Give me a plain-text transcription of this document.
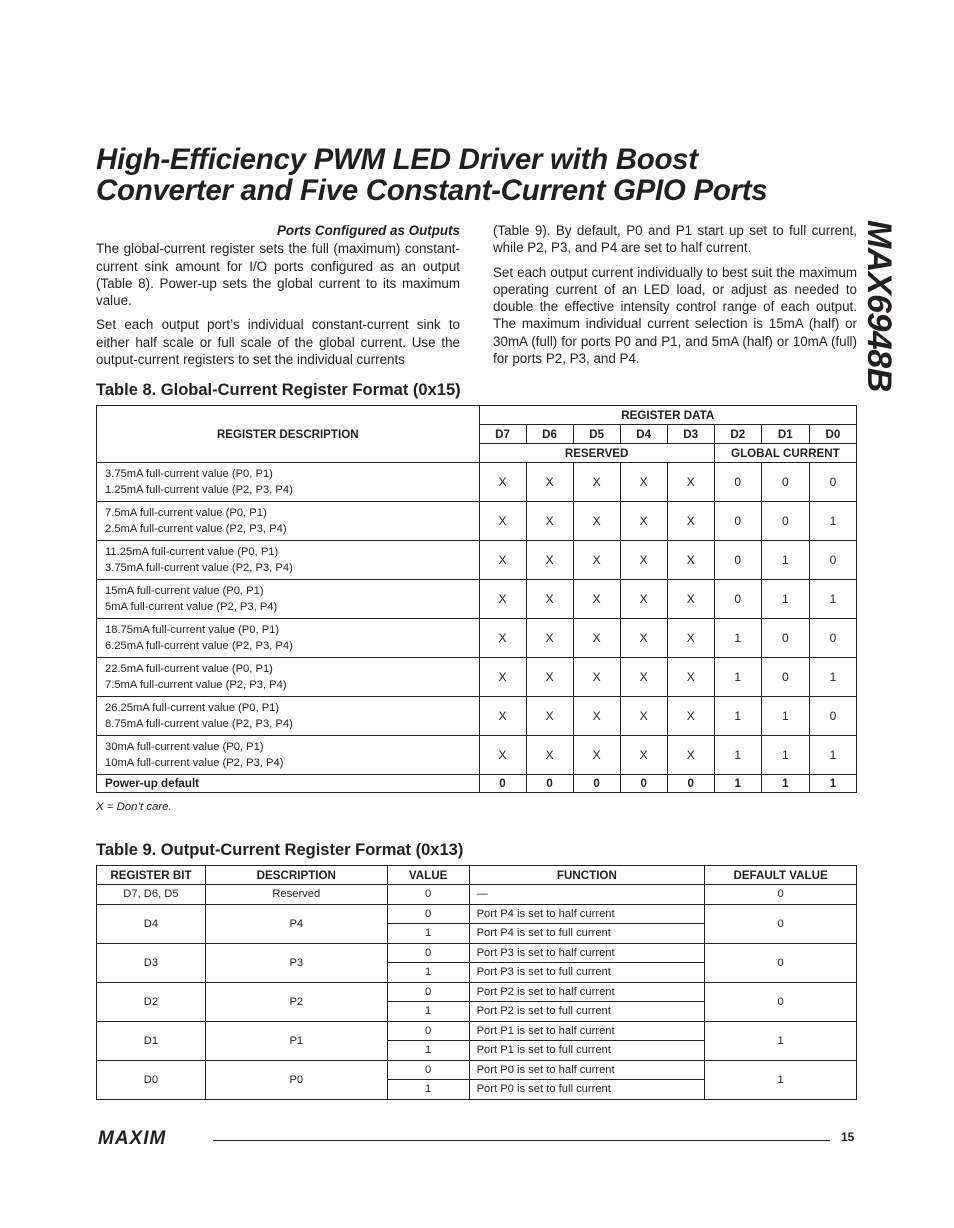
High-Efficiency PWM LED Driver with Boost
Converter and Five Constant-Current GPIO Ports
MAX6948B
Ports Configured as Outputs

The global-current register sets the full (maximum) constant-current sink amount for I/O ports configured as an output (Table 8). Power-up sets the global current to its maximum value.

Set each output port’s individual constant-current sink to either half scale or full scale of the global current. Use the output-current registers to set the individual currents

(Table 9). By default, P0 and P1 start up set to full current, while P2, P3, and P4 are set to half current.

Set each output current individually to best suit the maximum operating current of an LED load, or adjust as needed to double the effective intensity control range of each output. The maximum individual current selection is 15mA (half) or 30mA (full) for ports P0 and P1, and 5mA (half) or 10mA (full) for ports P2, P3, and P4.

Table 8. Global-Current Register Format (0x15)
REGISTER DESCRIPTION	REGISTER DATA							
	D7	D6	D5	D4	D3	D2	D1	D0
	RESERVED					GLOBAL CURRENT		

3.75mA full-current value (P0, P1)
1.25mA full-current value (P2, P3, P4)	X	X	X	X	X	0	0	0

7.5mA full-current value (P0, P1)
2.5mA full-current value (P2, P3, P4)	X	X	X	X	X	0	0	1

11.25mA full-current value (P0, P1)
3.75mA full-current value (P2, P3, P4)	X	X	X	X	X	0	1	0

15mA full-current value (P0, P1)
5mA full-current value (P2, P3, P4)	X	X	X	X	X	0	1	1

18.75mA full-current value (P0, P1)
6.25mA full-current value (P2, P3, P4)	X	X	X	X	X	1	0	0

22.5mA full-current value (P0, P1)
7.5mA full-current value (P2, P3, P4)	X	X	X	X	X	1	0	1

26.25mA full-current value (P0, P1)
8.75mA full-current value (P2, P3, P4)	X	X	X	X	X	1	1	0

30mA full-current value (P0, P1)
10mA full-current value (P2, P3, P4)	X	X	X	X	X	1	1	1
Power-up default	0	0	0	0	0	1	1	1
X = Don’t care.
Table 9. Output-Current Register Format (0x13)
REGISTER BIT	DESCRIPTION	VALUE	FUNCTION	DEFAULT VALUE
D7, D6, D5	Reserved	0	—	0
D4	P4	0	Port P4 is set to half current	0
		1	Port P4 is set to full current	
D3	P3	0	Port P3 is set to half current	0
		1	Port P3 is set to full current	
D2	P2	0	Port P2 is set to half current	0
		1	Port P2 is set to full current	
D1	P1	0	Port P1 is set to half current	1
		1	Port P1 is set to full current	
D0	P0	0	Port P0 is set to half current	1
		1	Port P0 is set to full current	
MAXIM	15
